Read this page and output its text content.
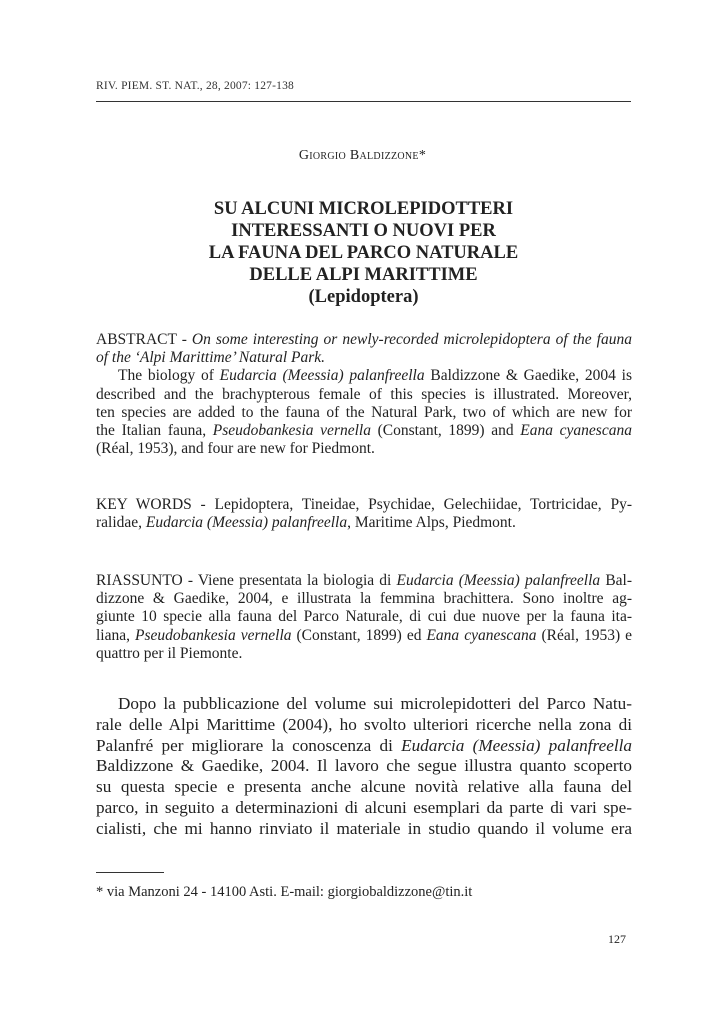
RIV. PIEM. ST. NAT., 28, 2007: 127-138
Giorgio Baldizzone*
SU ALCUNI MICROLEPIDOTTERI
INTERESSANTI O NUOVI PER
LA FAUNA DEL PARCO NATURALE
DELLE ALPI MARITTIME
(Lepidoptera)
ABSTRACT - On some interesting or newly-recorded microlepidoptera of the fauna
of the ‘Alpi Marittime’ Natural Park.
The biology of Eudarcia (Meessia) palanfreella Baldizzone & Gaedike, 2004 is
described and the brachypterous female of this species is illustrated. Moreover,
ten species are added to the fauna of the Natural Park, two of which are new for
the Italian fauna, Pseudobankesia vernella (Constant, 1899) and Eana cyanescana
(Réal, 1953), and four are new for Piedmont.
KEY WORDS - Lepidoptera, Tineidae, Psychidae, Gelechiidae, Tortricidae, Py-
ralidae, Eudarcia (Meessia) palanfreella, Maritime Alps, Piedmont.
RIASSUNTO - Viene presentata la biologia di Eudarcia (Meessia) palanfreella Bal-
dizzone & Gaedike, 2004, e illustrata la femmina brachittera. Sono inoltre ag-
giunte 10 specie alla fauna del Parco Naturale, di cui due nuove per la fauna ita-
liana, Pseudobankesia vernella (Constant, 1899) ed Eana cyanescana (Réal, 1953) e
quattro per il Piemonte.
Dopo la pubblicazione del volume sui microlepidotteri del Parco Natu-
rale delle Alpi Marittime (2004), ho svolto ulteriori ricerche nella zona di
Palanfré per migliorare la conoscenza di Eudarcia (Meessia) palanfreella
Baldizzone & Gaedike, 2004. Il lavoro che segue illustra quanto scoperto
su questa specie e presenta anche alcune novità relative alla fauna del
parco, in seguito a determinazioni di alcuni esemplari da parte di vari spe-
cialisti, che mi hanno rinviato il materiale in studio quando il volume era
* via Manzoni 24 - 14100 Asti. E-mail: giorgiobaldizzone@tin.it
127
